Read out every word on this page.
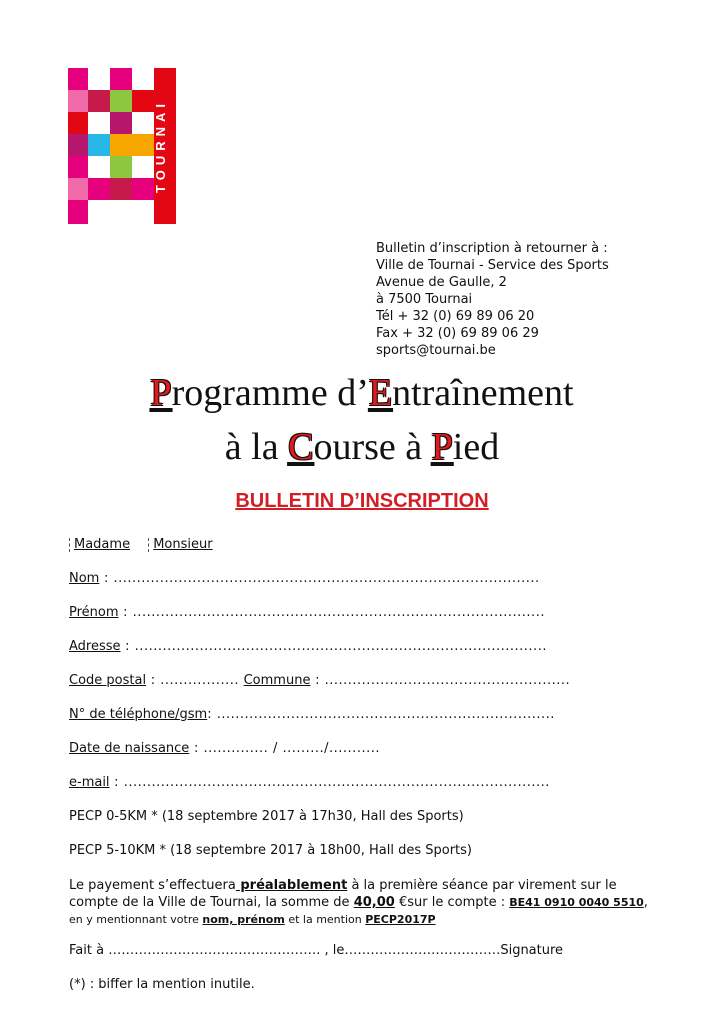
TOURNAI
Bulletin d’inscription à retourner à :
Ville de Tournai - Service des Sports
Avenue de Gaulle, 2
à 7500 Tournai
Tél + 32 (0) 69 89 06 20
Fax + 32 (0) 69 89 06 29
sports@tournai.be
Programme d’Entraînement
à la Course à Pied
BULLETIN D’INSCRIPTION
Madame Monsieur
Nom : ............................................................................................
Prénom : .........................................................................................
Adresse : .........................................................................................
Code postal : ................. Commune : .....................................................
N° de téléphone/gsm: .........................................................................
Date de naissance : .............. / ........./...........
e-mail : ............................................................................................
PECP 0-5KM * (18 septembre 2017 à 17h30, Hall des Sports)
PECP 5-10KM * (18 septembre 2017 à 18h00, Hall des Sports)
Le payement s’effectuera préalablement à la première séance par virement sur le
compte de la Ville de Tournai, la somme de 40,00 €sur le compte : BE41 0910 0040 5510,
en y mentionnant votre nom, prénom et la mention PECP2017P
Fait à …………………………………………. , le………………………………Signature
(*) : biffer la mention inutile.
